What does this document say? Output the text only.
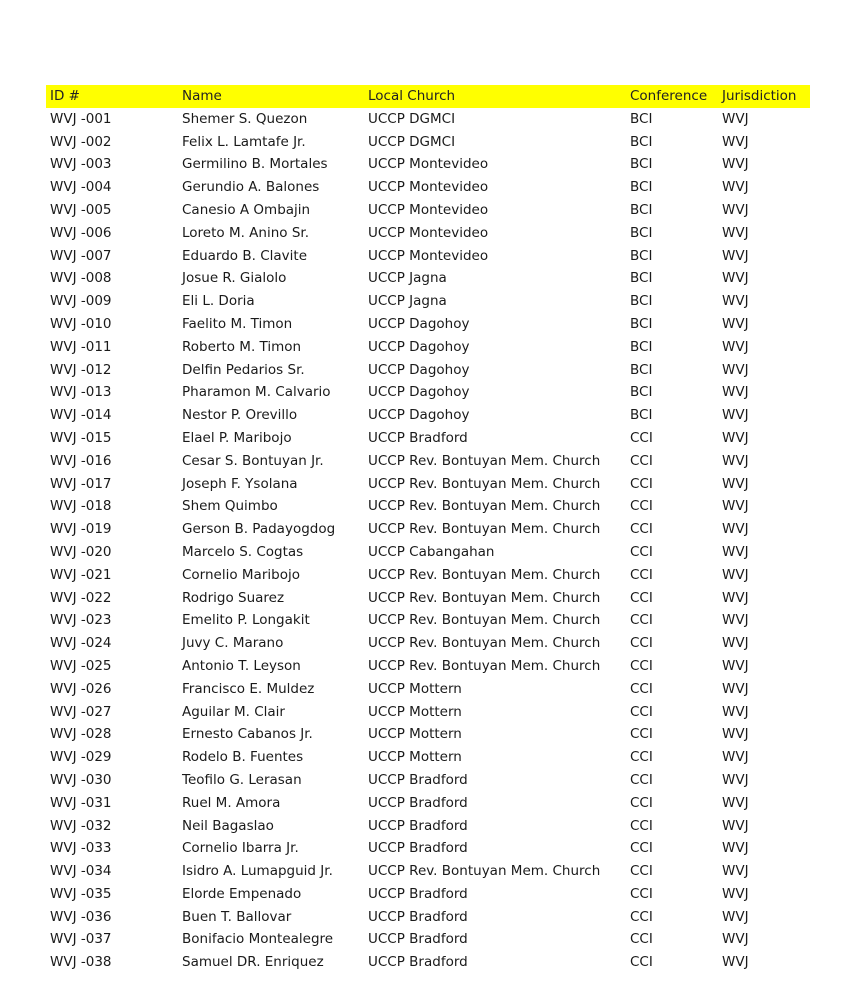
ID #	Name	Local Church	Conference	Jurisdiction
WVJ -001	Shemer S. Quezon	UCCP DGMCI	BCI	WVJ
WVJ -002	Felix L. Lamtafe Jr.	UCCP DGMCI	BCI	WVJ
WVJ -003	Germilino B. Mortales	UCCP Montevideo	BCI	WVJ
WVJ -004	Gerundio A. Balones	UCCP Montevideo	BCI	WVJ
WVJ -005	Canesio A Ombajin	UCCP Montevideo	BCI	WVJ
WVJ -006	Loreto M. Anino Sr.	UCCP Montevideo	BCI	WVJ
WVJ -007	Eduardo B. Clavite	UCCP Montevideo	BCI	WVJ
WVJ -008	Josue R. Gialolo	UCCP Jagna	BCI	WVJ
WVJ -009	Eli L. Doria	UCCP Jagna	BCI	WVJ
WVJ -010	Faelito M. Timon	UCCP Dagohoy	BCI	WVJ
WVJ -011	Roberto M. Timon	UCCP Dagohoy	BCI	WVJ
WVJ -012	Delfin Pedarios Sr.	UCCP Dagohoy	BCI	WVJ
WVJ -013	Pharamon M. Calvario	UCCP Dagohoy	BCI	WVJ
WVJ -014	Nestor P. Orevillo	UCCP Dagohoy	BCI	WVJ
WVJ -015	Elael P. Maribojo	UCCP Bradford	CCI	WVJ
WVJ -016	Cesar S. Bontuyan Jr.	UCCP Rev. Bontuyan Mem. Church	CCI	WVJ
WVJ -017	Joseph F. Ysolana	UCCP Rev. Bontuyan Mem. Church	CCI	WVJ
WVJ -018	Shem Quimbo	UCCP Rev. Bontuyan Mem. Church	CCI	WVJ
WVJ -019	Gerson B. Padayogdog	UCCP Rev. Bontuyan Mem. Church	CCI	WVJ
WVJ -020	Marcelo S. Cogtas	UCCP Cabangahan	CCI	WVJ
WVJ -021	Cornelio Maribojo	UCCP Rev. Bontuyan Mem. Church	CCI	WVJ
WVJ -022	Rodrigo Suarez	UCCP Rev. Bontuyan Mem. Church	CCI	WVJ
WVJ -023	Emelito P. Longakit	UCCP Rev. Bontuyan Mem. Church	CCI	WVJ
WVJ -024	Juvy C. Marano	UCCP Rev. Bontuyan Mem. Church	CCI	WVJ
WVJ -025	Antonio T. Leyson	UCCP Rev. Bontuyan Mem. Church	CCI	WVJ
WVJ -026	Francisco E. Muldez	UCCP Mottern	CCI	WVJ
WVJ -027	Aguilar M. Clair	UCCP Mottern	CCI	WVJ
WVJ -028	Ernesto Cabanos Jr.	UCCP Mottern	CCI	WVJ
WVJ -029	Rodelo B. Fuentes	UCCP Mottern	CCI	WVJ
WVJ -030	Teofilo G. Lerasan	UCCP Bradford	CCI	WVJ
WVJ -031	Ruel M. Amora	UCCP Bradford	CCI	WVJ
WVJ -032	Neil Bagaslao	UCCP Bradford	CCI	WVJ
WVJ -033	Cornelio Ibarra Jr.	UCCP Bradford	CCI	WVJ
WVJ -034	Isidro A. Lumapguid Jr.	UCCP Rev. Bontuyan Mem. Church	CCI	WVJ
WVJ -035	Elorde Empenado	UCCP Bradford	CCI	WVJ
WVJ -036	Buen T. Ballovar	UCCP Bradford	CCI	WVJ
WVJ -037	Bonifacio Montealegre	UCCP Bradford	CCI	WVJ
WVJ -038	Samuel DR. Enriquez	UCCP Bradford	CCI	WVJ
